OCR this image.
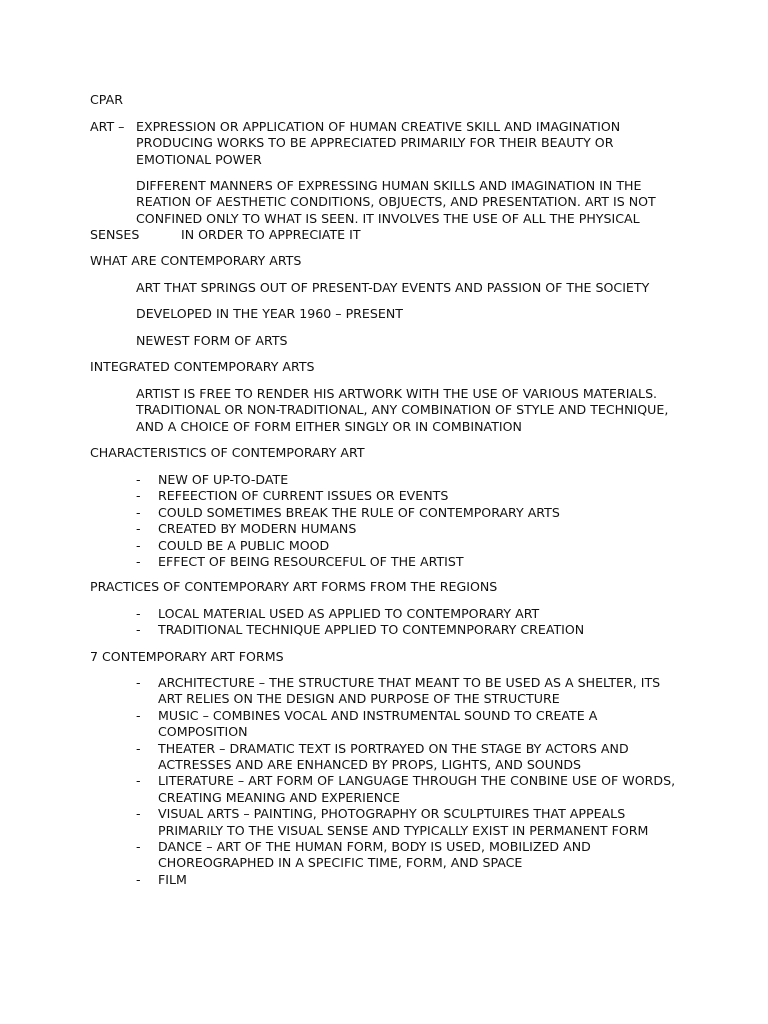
CPAR
ART – EXPRESSION OR APPLICATION OF HUMAN CREATIVE SKILL AND IMAGINATION PRODUCING WORKS TO BE APPRECIATED PRIMARILY FOR THEIR BEAUTY OR EMOTIONAL POWER
DIFFERENT MANNERS OF EXPRESSING HUMAN SKILLS AND IMAGINATION IN THE REATION OF AESTHETIC CONDITIONS, OBJUECTS, AND PRESENTATION. ART IS NOT CONFINED ONLY TO WHAT IS SEEN. IT INVOLVES THE USE OF ALL THE PHYSICAL
SENSES	IN ORDER TO APPRECIATE IT
WHAT ARE CONTEMPORARY ARTS
ART THAT SPRINGS OUT OF PRESENT-DAY EVENTS AND PASSION OF THE SOCIETY
DEVELOPED IN THE YEAR 1960 – PRESENT
NEWEST FORM OF ARTS
INTEGRATED CONTEMPORARY ARTS
ARTIST IS FREE TO RENDER HIS ARTWORK WITH THE USE OF VARIOUS MATERIALS. TRADITIONAL OR NON-TRADITIONAL, ANY COMBINATION OF STYLE AND TECHNIQUE, AND A CHOICE OF FORM EITHER SINGLY OR IN COMBINATION
CHARACTERISTICS OF CONTEMPORARY ART
- NEW OF UP-TO-DATE
- REFEECTION OF CURRENT ISSUES OR EVENTS
- COULD SOMETIMES BREAK THE RULE OF CONTEMPORARY ARTS
- CREATED BY MODERN HUMANS
- COULD BE A PUBLIC MOOD
- EFFECT OF BEING RESOURCEFUL OF THE ARTIST
PRACTICES OF CONTEMPORARY ART FORMS FROM THE REGIONS
- LOCAL MATERIAL USED AS APPLIED TO CONTEMPORARY ART
- TRADITIONAL TECHNIQUE APPLIED TO CONTEMNPORARY CREATION
7 CONTEMPORARY ART FORMS
- ARCHITECTURE – THE STRUCTURE THAT MEANT TO BE USED AS A SHELTER, ITS ART RELIES ON THE DESIGN AND PURPOSE OF THE STRUCTURE
- MUSIC – COMBINES VOCAL AND INSTRUMENTAL SOUND TO CREATE A COMPOSITION
- THEATER – DRAMATIC TEXT IS PORTRAYED ON THE STAGE BY ACTORS AND ACTRESSES AND ARE ENHANCED BY PROPS, LIGHTS, AND SOUNDS
- LITERATURE – ART FORM OF LANGUAGE THROUGH THE CONBINE USE OF WORDS, CREATING MEANING AND EXPERIENCE
- VISUAL ARTS – PAINTING, PHOTOGRAPHY OR SCULPTUIRES THAT APPEALS PRIMARILY TO THE VISUAL SENSE AND TYPICALLY EXIST IN PERMANENT FORM
- DANCE – ART OF THE HUMAN FORM, BODY IS USED, MOBILIZED AND CHOREOGRAPHED IN A SPECIFIC TIME, FORM, AND SPACE
- FILM
